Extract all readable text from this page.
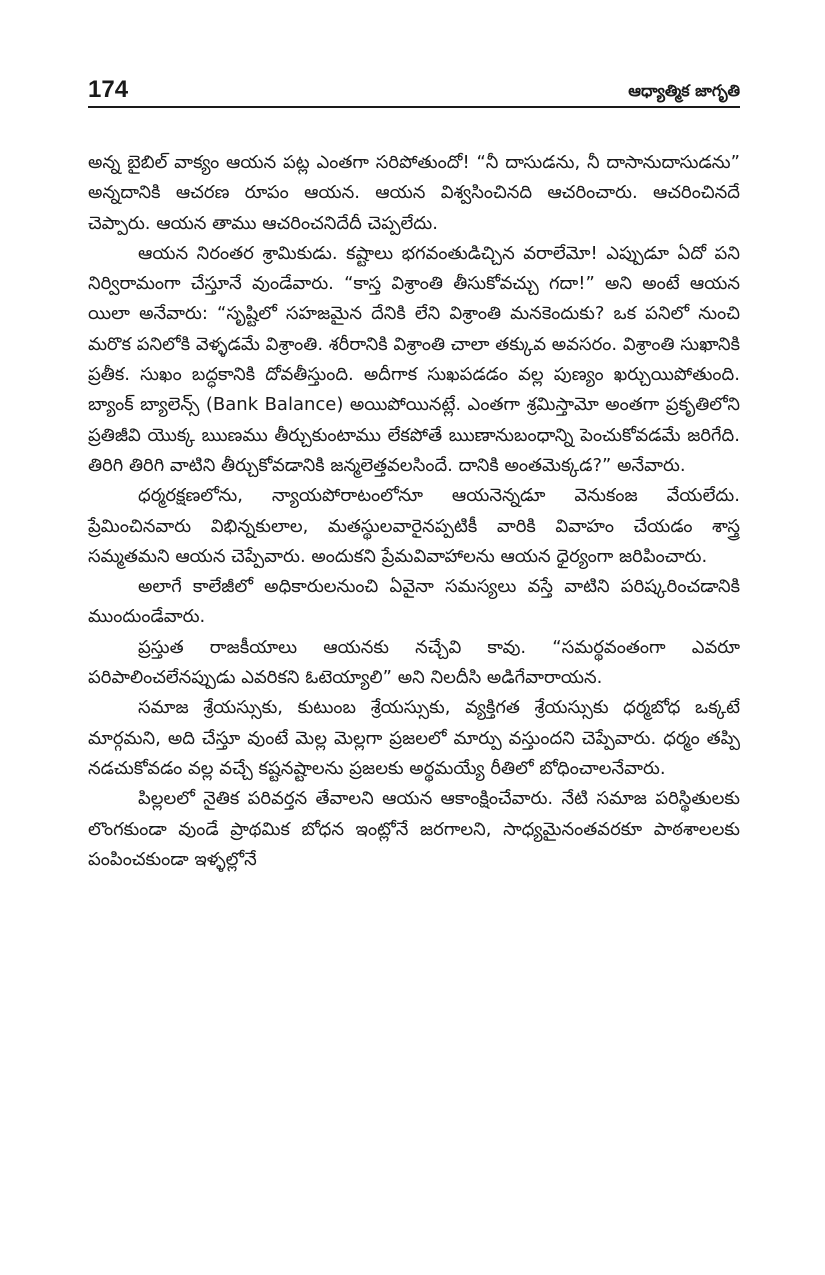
174	ఆధ్యాత్మిక జాగృతి

అన్న బైబిల్ వాక్యం ఆయన పట్ల ఎంతగా సరిపోతుందో! “నీ దాసుడను, నీ దాసానుదాసుడను” అన్నదానికి ఆచరణ రూపం ఆయన. ఆయన విశ్వసించినది ఆచరించారు. ఆచరించినదే చెప్పారు. ఆయన తాము ఆచరించనిదేదీ చెప్పలేదు.

ఆయన నిరంతర శ్రామికుడు. కష్టాలు భగవంతుడిచ్చిన వరాలేమో! ఎప్పుడూ ఏదో పని నిర్విరామంగా చేస్తూనే వుండేవారు. “కాస్త విశ్రాంతి తీసుకోవచ్చు గదా!” అని అంటే ఆయన యిలా అనేవారు: “సృష్టిలో సహజమైన దేనికి లేని విశ్రాంతి మనకెందుకు? ఒక పనిలో నుంచి మరొక పనిలోకి వెళ్ళడమే విశ్రాంతి. శరీరానికి విశ్రాంతి చాలా తక్కువ అవసరం. విశ్రాంతి సుఖానికి ప్రతీక. సుఖం బద్ధకానికి దోవతీస్తుంది. అదీగాక సుఖపడడం వల్ల పుణ్యం ఖర్చుయిపోతుంది. బ్యాంక్ బ్యాలెన్స్ (Bank Balance) అయిపోయినట్లే. ఎంతగా శ్రమిస్తామో అంతగా ప్రకృతిలోని ప్రతిజీవి యొక్క ఋణము తీర్చుకుంటాము లేకపోతే ఋణానుబంధాన్ని పెంచుకోవడమే జరిగేది. తిరిగి తిరిగి వాటిని తీర్చుకోవడానికి జన్మలెత్తవలసిందే. దానికి అంతమెక్కడ?” అనేవారు.

ధర్మరక్షణలోను, న్యాయపోరాటంలోనూ ఆయనెన్నడూ వెనుకంజ వేయలేదు. ప్రేమించినవారు విభిన్నకులాల, మతస్థులవారైనప్పటికీ వారికి వివాహం చేయడం శాస్త్ర సమ్మతమని ఆయన చెప్పేవారు. అందుకని ప్రేమవివాహాలను ఆయన ధైర్యంగా జరిపించారు.

అలాగే కాలేజీలో అధికారులనుంచి ఏవైనా సమస్యలు వస్తే వాటిని పరిష్కరించడానికి ముందుండేవారు.

ప్రస్తుత రాజకీయాలు ఆయనకు నచ్చేవి కావు. “సమర్థవంతంగా ఎవరూ పరిపాలించలేనప్పుడు ఎవరికని ఓటెయ్యాలి” అని నిలదీసి అడిగేవారాయన.

సమాజ శ్రేయస్సుకు, కుటుంబ శ్రేయస్సుకు, వ్యక్తిగత శ్రేయస్సుకు ధర్మబోధ ఒక్కటే మార్గమని, అది చేస్తూ వుంటే మెల్ల మెల్లగా ప్రజలలో మార్పు వస్తుందని చెప్పేవారు. ధర్మం తప్పి నడచుకోవడం వల్ల వచ్చే కష్టనష్టాలను ప్రజలకు అర్థమయ్యే రీతిలో బోధించాలనేవారు.

పిల్లలలో నైతిక పరివర్తన తేవాలని ఆయన ఆకాంక్షించేవారు. నేటి సమాజ పరిస్థితులకు లొంగకుండా వుండే ప్రాథమిక బోధన ఇంట్లోనే జరగాలని, సాధ్యమైనంతవరకూ పాఠశాలలకు పంపించకుండా ఇళ్ళల్లోనే
